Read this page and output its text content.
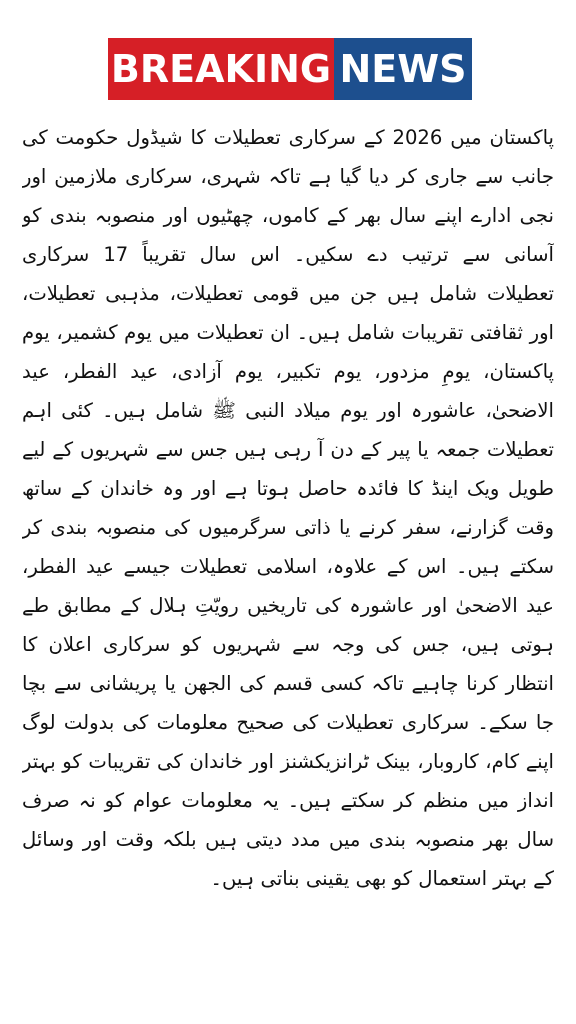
BREAKING NEWS

پاکستان میں 2026 کے سرکاری تعطیلات کا شیڈول حکومت کی جانب سے جاری کر دیا گیا ہے تاکہ شہری، سرکاری ملازمین اور نجی ادارے اپنے سال بھر کے کاموں، چھٹیوں اور منصوبہ بندی کو آسانی سے ترتیب دے سکیں۔ اس سال تقریباً 17 سرکاری تعطیلات شامل ہیں جن میں قومی تعطیلات، مذہبی تعطیلات، اور ثقافتی تقریبات شامل ہیں۔ ان تعطیلات میں یوم کشمیر، یوم پاکستان، یومِ مزدور، یوم تکبیر، یوم آزادی، عید الفطر، عید الاضحیٰ، عاشورہ اور یوم میلاد النبی ﷺ شامل ہیں۔ کئی اہم تعطیلات جمعہ یا پیر کے دن آ رہی ہیں جس سے شہریوں کے لیے طویل ویک اینڈ کا فائدہ حاصل ہوتا ہے اور وہ خاندان کے ساتھ وقت گزارنے، سفر کرنے یا ذاتی سرگرمیوں کی منصوبہ بندی کر سکتے ہیں۔ اس کے علاوہ، اسلامی تعطیلات جیسے عید الفطر، عید الاضحیٰ اور عاشورہ کی تاریخیں رویّتِ ہلال کے مطابق طے ہوتی ہیں، جس کی وجہ سے شہریوں کو سرکاری اعلان کا انتظار کرنا چاہیے تاکہ کسی قسم کی الجھن یا پریشانی سے بچا جا سکے۔ سرکاری تعطیلات کی صحیح معلومات کی بدولت لوگ اپنے کام، کاروبار، بینک ٹرانزیکشنز اور خاندان کی تقریبات کو بہتر انداز میں منظم کر سکتے ہیں۔ یہ معلومات عوام کو نہ صرف سال بھر منصوبہ بندی میں مدد دیتی ہیں بلکہ وقت اور وسائل کے بہتر استعمال کو بھی یقینی بناتی ہیں۔
